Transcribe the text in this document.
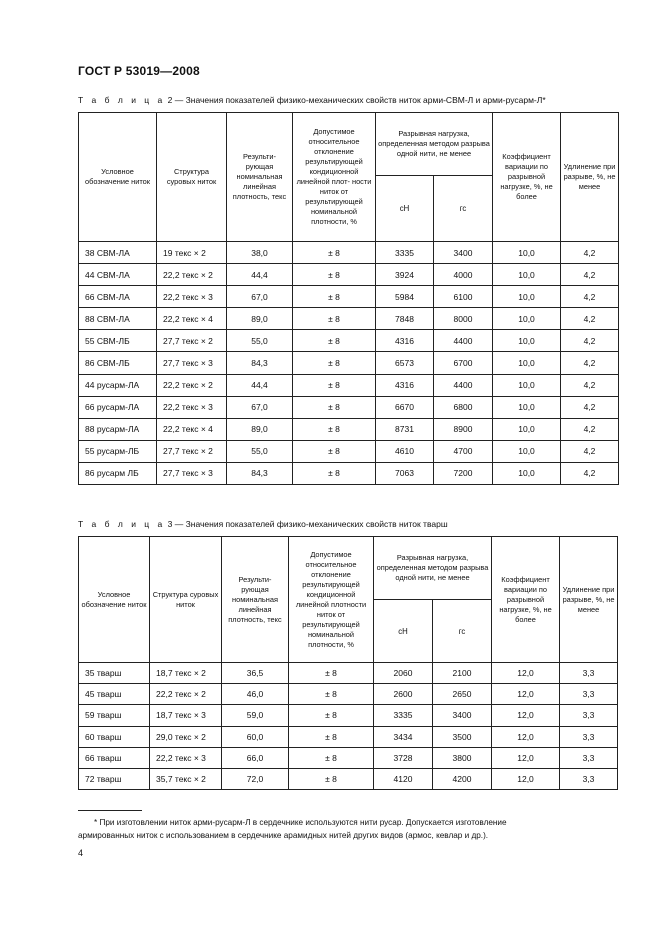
ГОСТ Р 53019—2008
Т а б л и ц а 2 — Значения показателей физико-механических свойств ниток арми-СВМ-Л и арми-русарм-Л*
Условное обозначение ниток	Структура суровых ниток	Результи- рующая номинальная линейная плотность, текс	Допустимое относительное отклонение результирующей кондиционной линейной плот- ности ниток от результирующей номинальной плотности, %	Разрывная нагрузка, определенная методом разрыва одной нити, не менее		Коэффициент вариации по разрывной нагрузке, %, не более	Удлинение при разрыве, %, не менее
				сН	гс		
38 СВМ-ЛА	19 текс × 2	38,0	± 8	3335	3400	10,0	4,2
44 СВМ-ЛА	22,2 текс × 2	44,4	± 8	3924	4000	10,0	4,2
66 СВМ-ЛА	22,2 текс × 3	67,0	± 8	5984	6100	10,0	4,2
88 СВМ-ЛА	22,2 текс × 4	89,0	± 8	7848	8000	10,0	4,2
55 СВМ-ЛБ	27,7 текс × 2	55,0	± 8	4316	4400	10,0	4,2
86 СВМ-ЛБ	27,7 текс × 3	84,3	± 8	6573	6700	10,0	4,2
44 русарм-ЛА	22,2 текс × 2	44,4	± 8	4316	4400	10,0	4,2
66 русарм-ЛА	22,2 текс × 3	67,0	± 8	6670	6800	10,0	4,2
88 русарм-ЛА	22,2 текс × 4	89,0	± 8	8731	8900	10,0	4,2
55 русарм-ЛБ	27,7 текс × 2	55,0	± 8	4610	4700	10,0	4,2
86 русарм ЛБ	27,7 текс × 3	84,3	± 8	7063	7200	10,0	4,2
Т а б л и ц а 3 — Значения показателей физико-механических свойств ниток тварш
Условное обозначение ниток	Структура суровых ниток	Результи- рующая номинальная линейная плотность, текс	Допустимое относительное отклонение результирующей кондиционной линейной плотности ниток от результирующей номинальной плотности, %	Разрывная нагрузка, определенная методом разрыва одной нити, не менее		Коэффициент вариации по разрывной нагрузке, %, не более	Удлинение при разрыве, %, не менее
				сН	гс		
35 тварш	18,7 текс × 2	36,5	± 8	2060	2100	12,0	3,3
45 тварш	22,2 текс × 2	46,0	± 8	2600	2650	12,0	3,3
59 тварш	18,7 текс × 3	59,0	± 8	3335	3400	12,0	3,3
60 тварш	29,0 текс × 2	60,0	± 8	3434	3500	12,0	3,3
66 тварш	22,2 текс × 3	66,0	± 8	3728	3800	12,0	3,3
72 тварш	35,7 текс × 2	72,0	± 8	4120	4200	12,0	3,3
* При изготовлении ниток арми-русарм-Л в сердечнике используются нити русар. Допускается изготовление
армированных ниток с использованием в сердечнике арамидных нитей других видов (армос, кевлар и др.).
4
